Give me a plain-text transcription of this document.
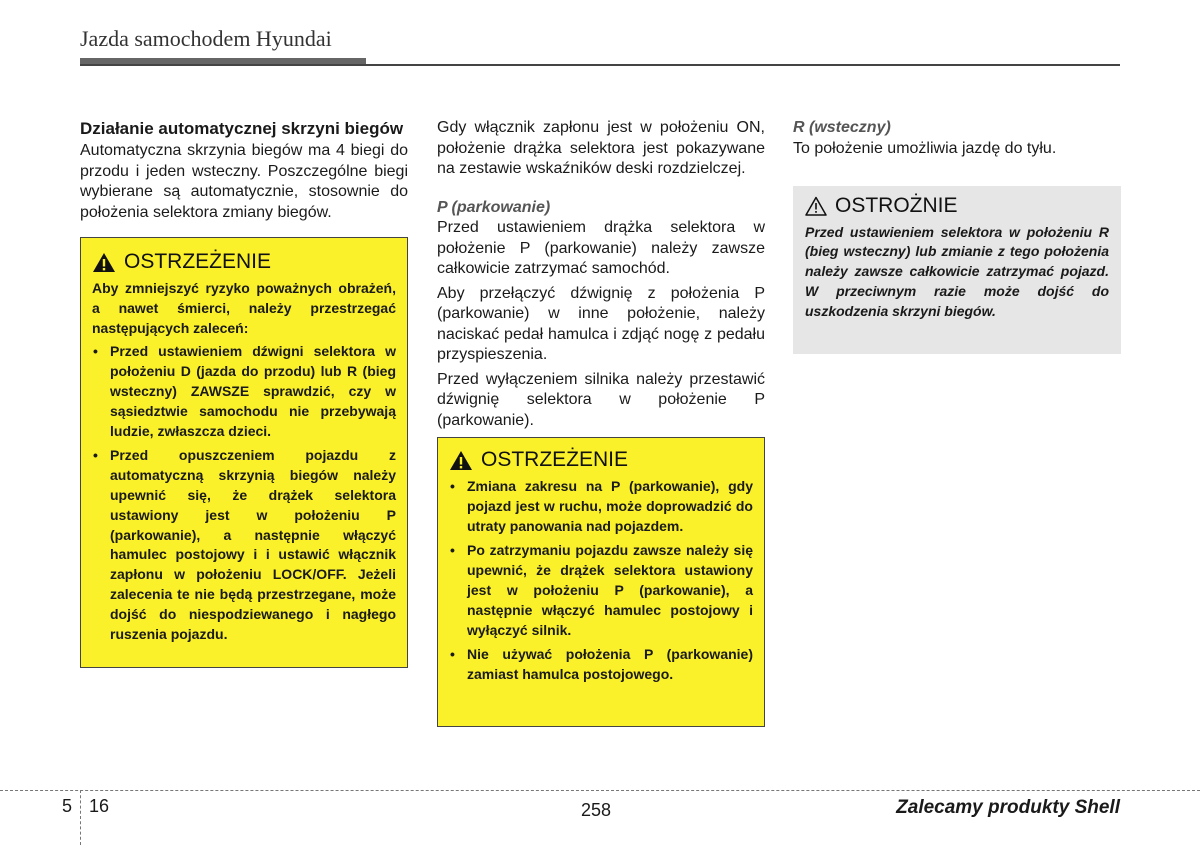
Jazda samochodem Hyundai
Działanie automatycznej skrzyni biegów

Automatyczna skrzynia biegów ma 4 biegi do przodu i jeden wsteczny. Poszczególne biegi wybierane są automatycznie, stosownie do położenia selektora zmiany biegów.

OSTRZEŻENIE

Aby zmniejszyć ryzyko poważnych obrażeń, a nawet śmierci, należy przestrzegać następujących zaleceń:

• Przed ustawieniem dźwigni selektora w położeniu D (jazda do przodu) lub R (bieg wsteczny) ZAWSZE sprawdzić, czy w sąsiedztwie samochodu nie przebywają ludzie, zwłaszcza dzieci.
• Przed opuszczeniem pojazdu z automatyczną skrzynią biegów należy upewnić się, że drążek selektora ustawiony jest w położeniu P (parkowanie), a następnie włączyć hamulec postojowy i i ustawić włącznik zapłonu w położeniu LOCK/OFF. Jeżeli zalecenia te nie będą przestrzegane, może dojść do niespodziewanego i nagłego ruszenia pojazdu.

Gdy włącznik zapłonu jest w położeniu ON, położenie drążka selektora jest pokazywane na zestawie wskaźników deski rozdzielczej.

P (parkowanie)

Przed ustawieniem drążka selektora w położenie P (parkowanie) należy zawsze całkowicie zatrzymać samochód.

Aby przełączyć dźwignię z położenia P (parkowanie) w inne położenie, należy naciskać pedał hamulca i zdjąć nogę z pedału przyspieszenia.

Przed wyłączeniem silnika należy przestawić dźwignię selektora w położenie P (parkowanie).

OSTRZEŻENIE
• Zmiana zakresu na P (parkowanie), gdy pojazd jest w ruchu, może doprowadzić do utraty panowania nad pojazdem.
• Po zatrzymaniu pojazdu zawsze należy się upewnić, że drążek selektora ustawiony jest w położeniu P (parkowanie), a następnie włączyć hamulec postojowy i wyłączyć silnik.
• Nie używać położenia P (parkowanie) zamiast hamulca postojowego.
R (wsteczny)

To położenie umożliwia jazdę do tyłu.

OSTROŻNIE

Przed ustawieniem selektora w położeniu R (bieg wsteczny) lub zmianie z tego położenia należy zawsze całkowicie zatrzymać pojazd. W przeciwnym razie może dojść do uszkodzenia skrzyni biegów.

5 16	258	Zalecamy produkty Shell
